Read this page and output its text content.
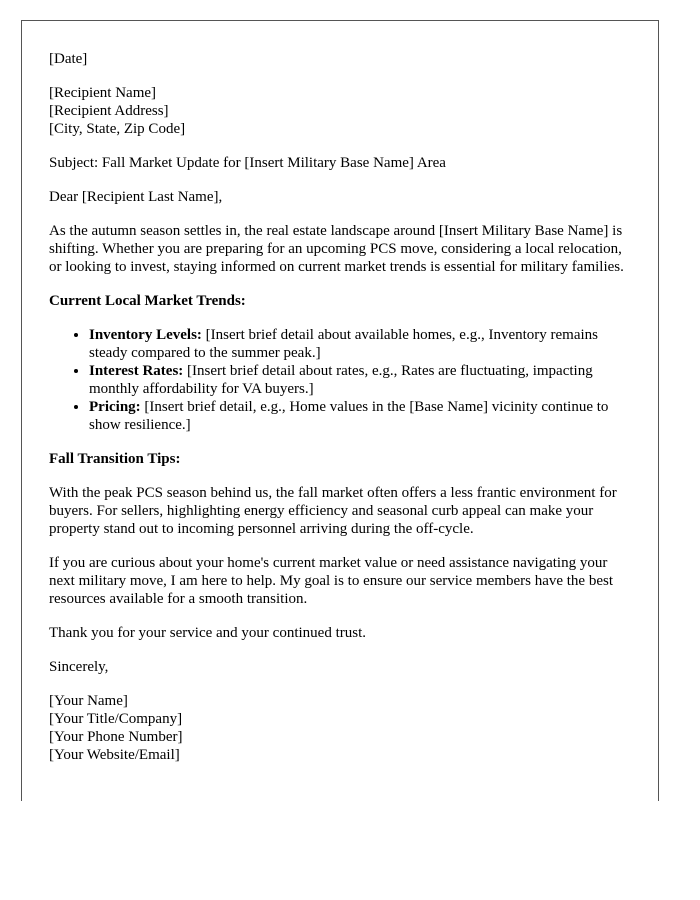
[Date]
[Recipient Name]
[Recipient Address]
[City, State, Zip Code]

Subject: Fall Market Update for [Insert Military Base Name] Area

Dear [Recipient Last Name],

As the autumn season settles in, the real estate landscape around [Insert Military Base Name] is shifting. Whether you are preparing for an upcoming PCS move, considering a local relocation, or looking to invest, staying informed on current market trends is essential for military families.

Current Local Market Trends:
• Inventory Levels: [Insert brief detail about available homes, e.g., Inventory remains steady compared to the summer peak.]
• Interest Rates: [Insert brief detail about rates, e.g., Rates are fluctuating, impacting monthly affordability for VA buyers.]
• Pricing: [Insert brief detail, e.g., Home values in the [Base Name] vicinity continue to show resilience.]
Fall Transition Tips:

With the peak PCS season behind us, the fall market often offers a less frantic environment for buyers. For sellers, highlighting energy efficiency and seasonal curb appeal can make your property stand out to incoming personnel arriving during the off-cycle.

If you are curious about your home's current market value or need assistance navigating your next military move, I am here to help. My goal is to ensure our service members have the best resources available for a smooth transition.

Thank you for your service and your continued trust.

Sincerely,

[Your Name]
[Your Title/Company]
[Your Phone Number]
[Your Website/Email]
